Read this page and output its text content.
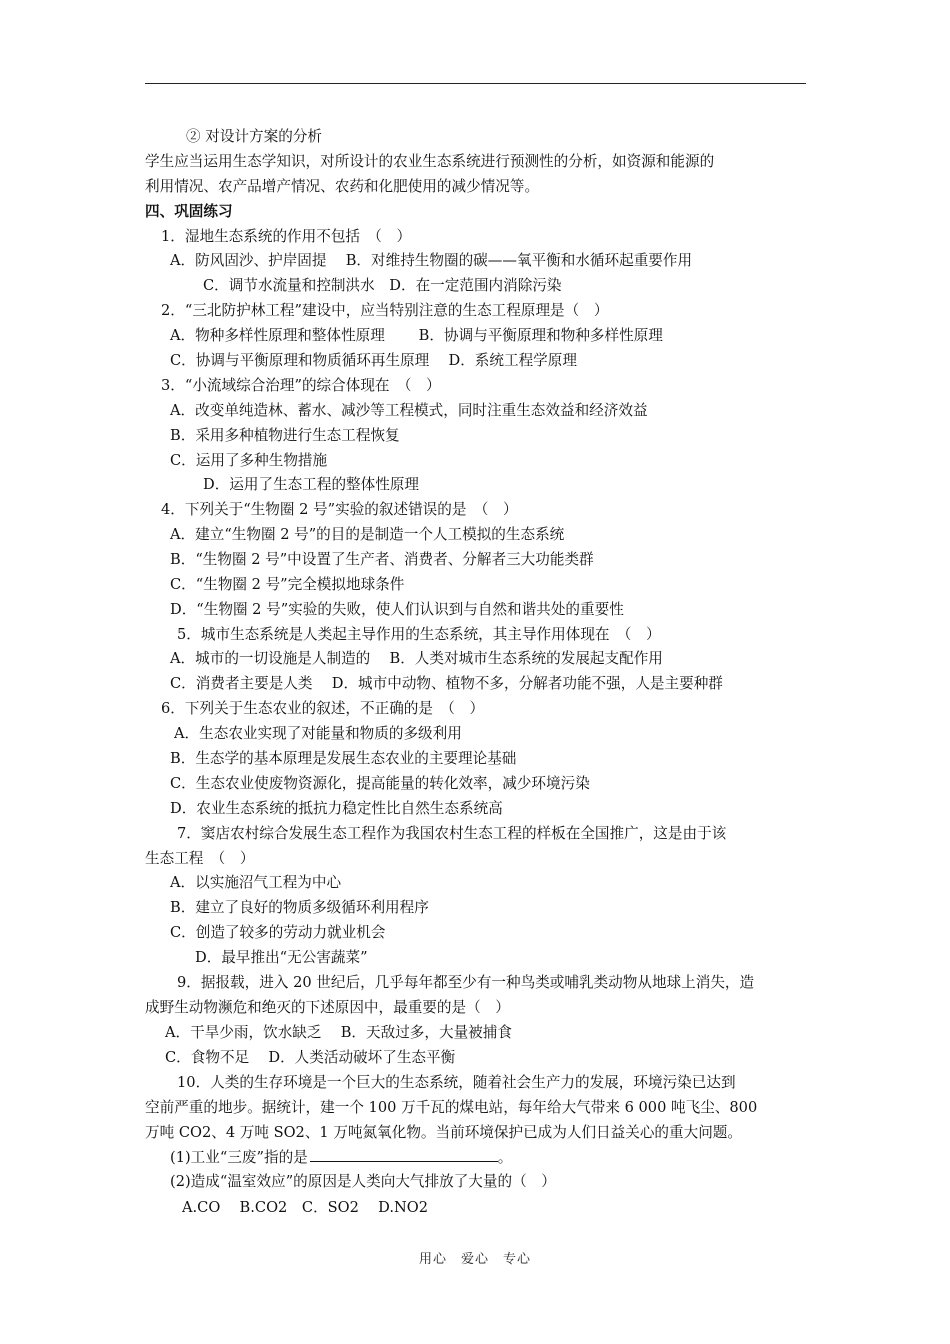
② 对设计方案的分析
学生应当运用生态学知识，对所设计的农业生态系统进行预测性的分析，如资源和能源的
利用情况、农产品增产情况、农药和化肥使用的减少情况等。
四、巩固练习
1．湿地生态系统的作用不包括　（　）
A．防风固沙、护岸固提　 B．对维持生物圈的碳——氧平衡和水循环起重要作用
C．调节水流量和控制洪水　D．在一定范围内消除污染
2．“三北防护林工程”建设中，应当特别注意的生态工程原理是（　）
A．物种多样性原理和整体性原理　　 B．协调与平衡原理和物种多样性原理
C．协调与平衡原理和物质循环再生原理　 D．系统工程学原理
3．“小流域综合治理”的综合体现在　（　）
A．改变单纯造林、蓄水、减沙等工程模式，同时注重生态效益和经济效益
B．采用多种植物进行生态工程恢复
C．运用了多种生物措施
D．运用了生态工程的整体性原理
4．下列关于“生物圈 2 号”实验的叙述错误的是　（　）
A．建立“生物圈 2 号”的目的是制造一个人工模拟的生态系统
B．“生物圈 2 号”中设置了生产者、消费者、分解者三大功能类群
C．“生物圈 2 号”完全模拟地球条件
D．“生物圈 2 号”实验的失败，使人们认识到与自然和谐共处的重要性
5．城市生态系统是人类起主导作用的生态系统，其主导作用体现在　（　）
A．城市的一切设施是人制造的　 B．人类对城市生态系统的发展起支配作用
C．消费者主要是人类　 D．城市中动物、植物不多，分解者功能不强，人是主要种群
6．下列关于生态农业的叙述，不正确的是　（　）
A．生态农业实现了对能量和物质的多级利用
B．生态学的基本原理是发展生态农业的主要理论基础
C．生态农业使废物资源化，提高能量的转化效率，减少环境污染
D．农业生态系统的抵抗力稳定性比自然生态系统高
7．窦店农村综合发展生态工程作为我国农村生态工程的样板在全国推广，这是由于该
生态工程　（　）
A．以实施沼气工程为中心
B．建立了良好的物质多级循环利用程序
C．创造了较多的劳动力就业机会
D．最早推出“无公害蔬菜”
9．据报载，进入 20 世纪后，几乎每年都至少有一种鸟类或哺乳类动物从地球上消失，造
成野生动物濒危和绝灭的下述原因中，最重要的是（　）
A．干旱少雨，饮水缺乏　 B．天敌过多，大量被捕食
C．食物不足　 D．人类活动破坏了生态平衡
10．人类的生存环境是一个巨大的生态系统，随着社会生产力的发展，环境污染已达到
空前严重的地步。据统计，建一个 100 万千瓦的煤电站，每年给大气带来 6 000 吨飞尘、800
万吨 CO2、4 万吨 SO2、1 万吨氮氧化物。当前环境保护已成为人们日益关心的重大问题。
(1)工业“三废”指的是	。
(2)造成“温室效应”的原因是人类向大气排放了大量的（　）
A.CO　 B.CO2　C．SO2　 D.NO2
用心　爱心　专心
